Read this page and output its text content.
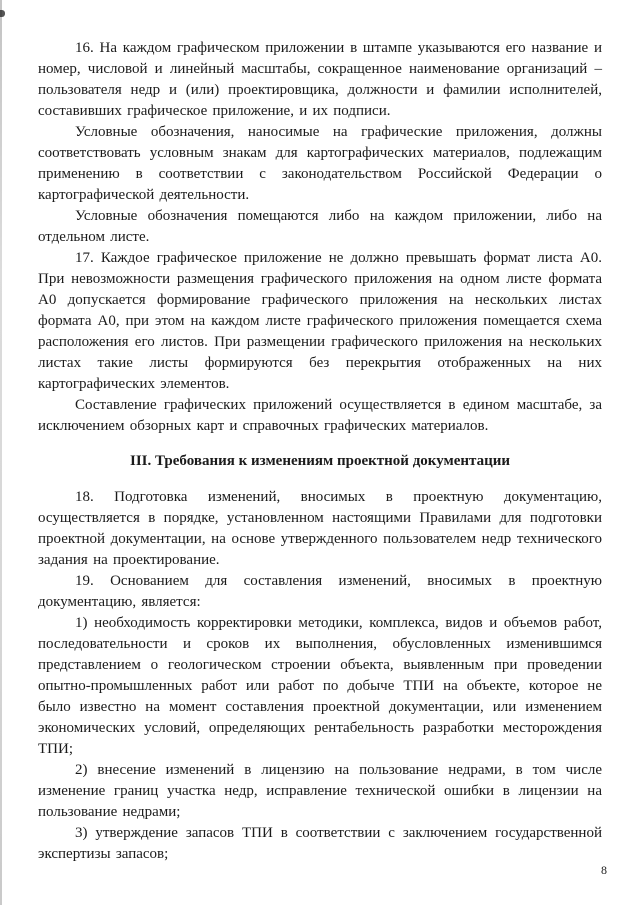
16. На каждом графическом приложении в штампе указываются его название и номер, числовой и линейный масштабы, сокращенное наименование организаций – пользователя недр и (или) проектировщика, должности и фамилии исполнителей, составивших графическое приложение, и их подписи.

Условные обозначения, наносимые на графические приложения, должны соответствовать условным знакам для картографических материалов, подлежащим применению в соответствии с законодательством Российской Федерации о картографической деятельности.

Условные обозначения помещаются либо на каждом приложении, либо на отдельном листе.

17. Каждое графическое приложение не должно превышать формат листа А0. При невозможности размещения графического приложения на одном листе формата А0 допускается формирование графического приложения на нескольких листах формата А0, при этом на каждом листе графического приложения помещается схема расположения его листов. При размещении графического приложения на нескольких листах такие листы формируются без перекрытия отображенных на них картографических элементов.

Составление графических приложений осуществляется в едином масштабе, за исключением обзорных карт и справочных графических материалов.

III. Требования к изменениям проектной документации

18. Подготовка изменений, вносимых в проектную документацию, осуществляется в порядке, установленном настоящими Правилами для подготовки проектной документации, на основе утвержденного пользователем недр технического задания на проектирование.

19. Основанием для составления изменений, вносимых в проектную документацию, является:

1) необходимость корректировки методики, комплекса, видов и объемов работ, последовательности и сроков их выполнения, обусловленных изменившимся представлением о геологическом строении объекта, выявленным при проведении опытно-промышленных работ или работ по добыче ТПИ на объекте, которое не было известно на момент составления проектной документации, или изменением экономических условий, определяющих рентабельность разработки месторождения ТПИ;

2) внесение изменений в лицензию на пользование недрами, в том числе изменение границ участка недр, исправление технической ошибки в лицензии на пользование недрами;

3) утверждение запасов ТПИ в соответствии с заключением государственной экспертизы запасов;

8
